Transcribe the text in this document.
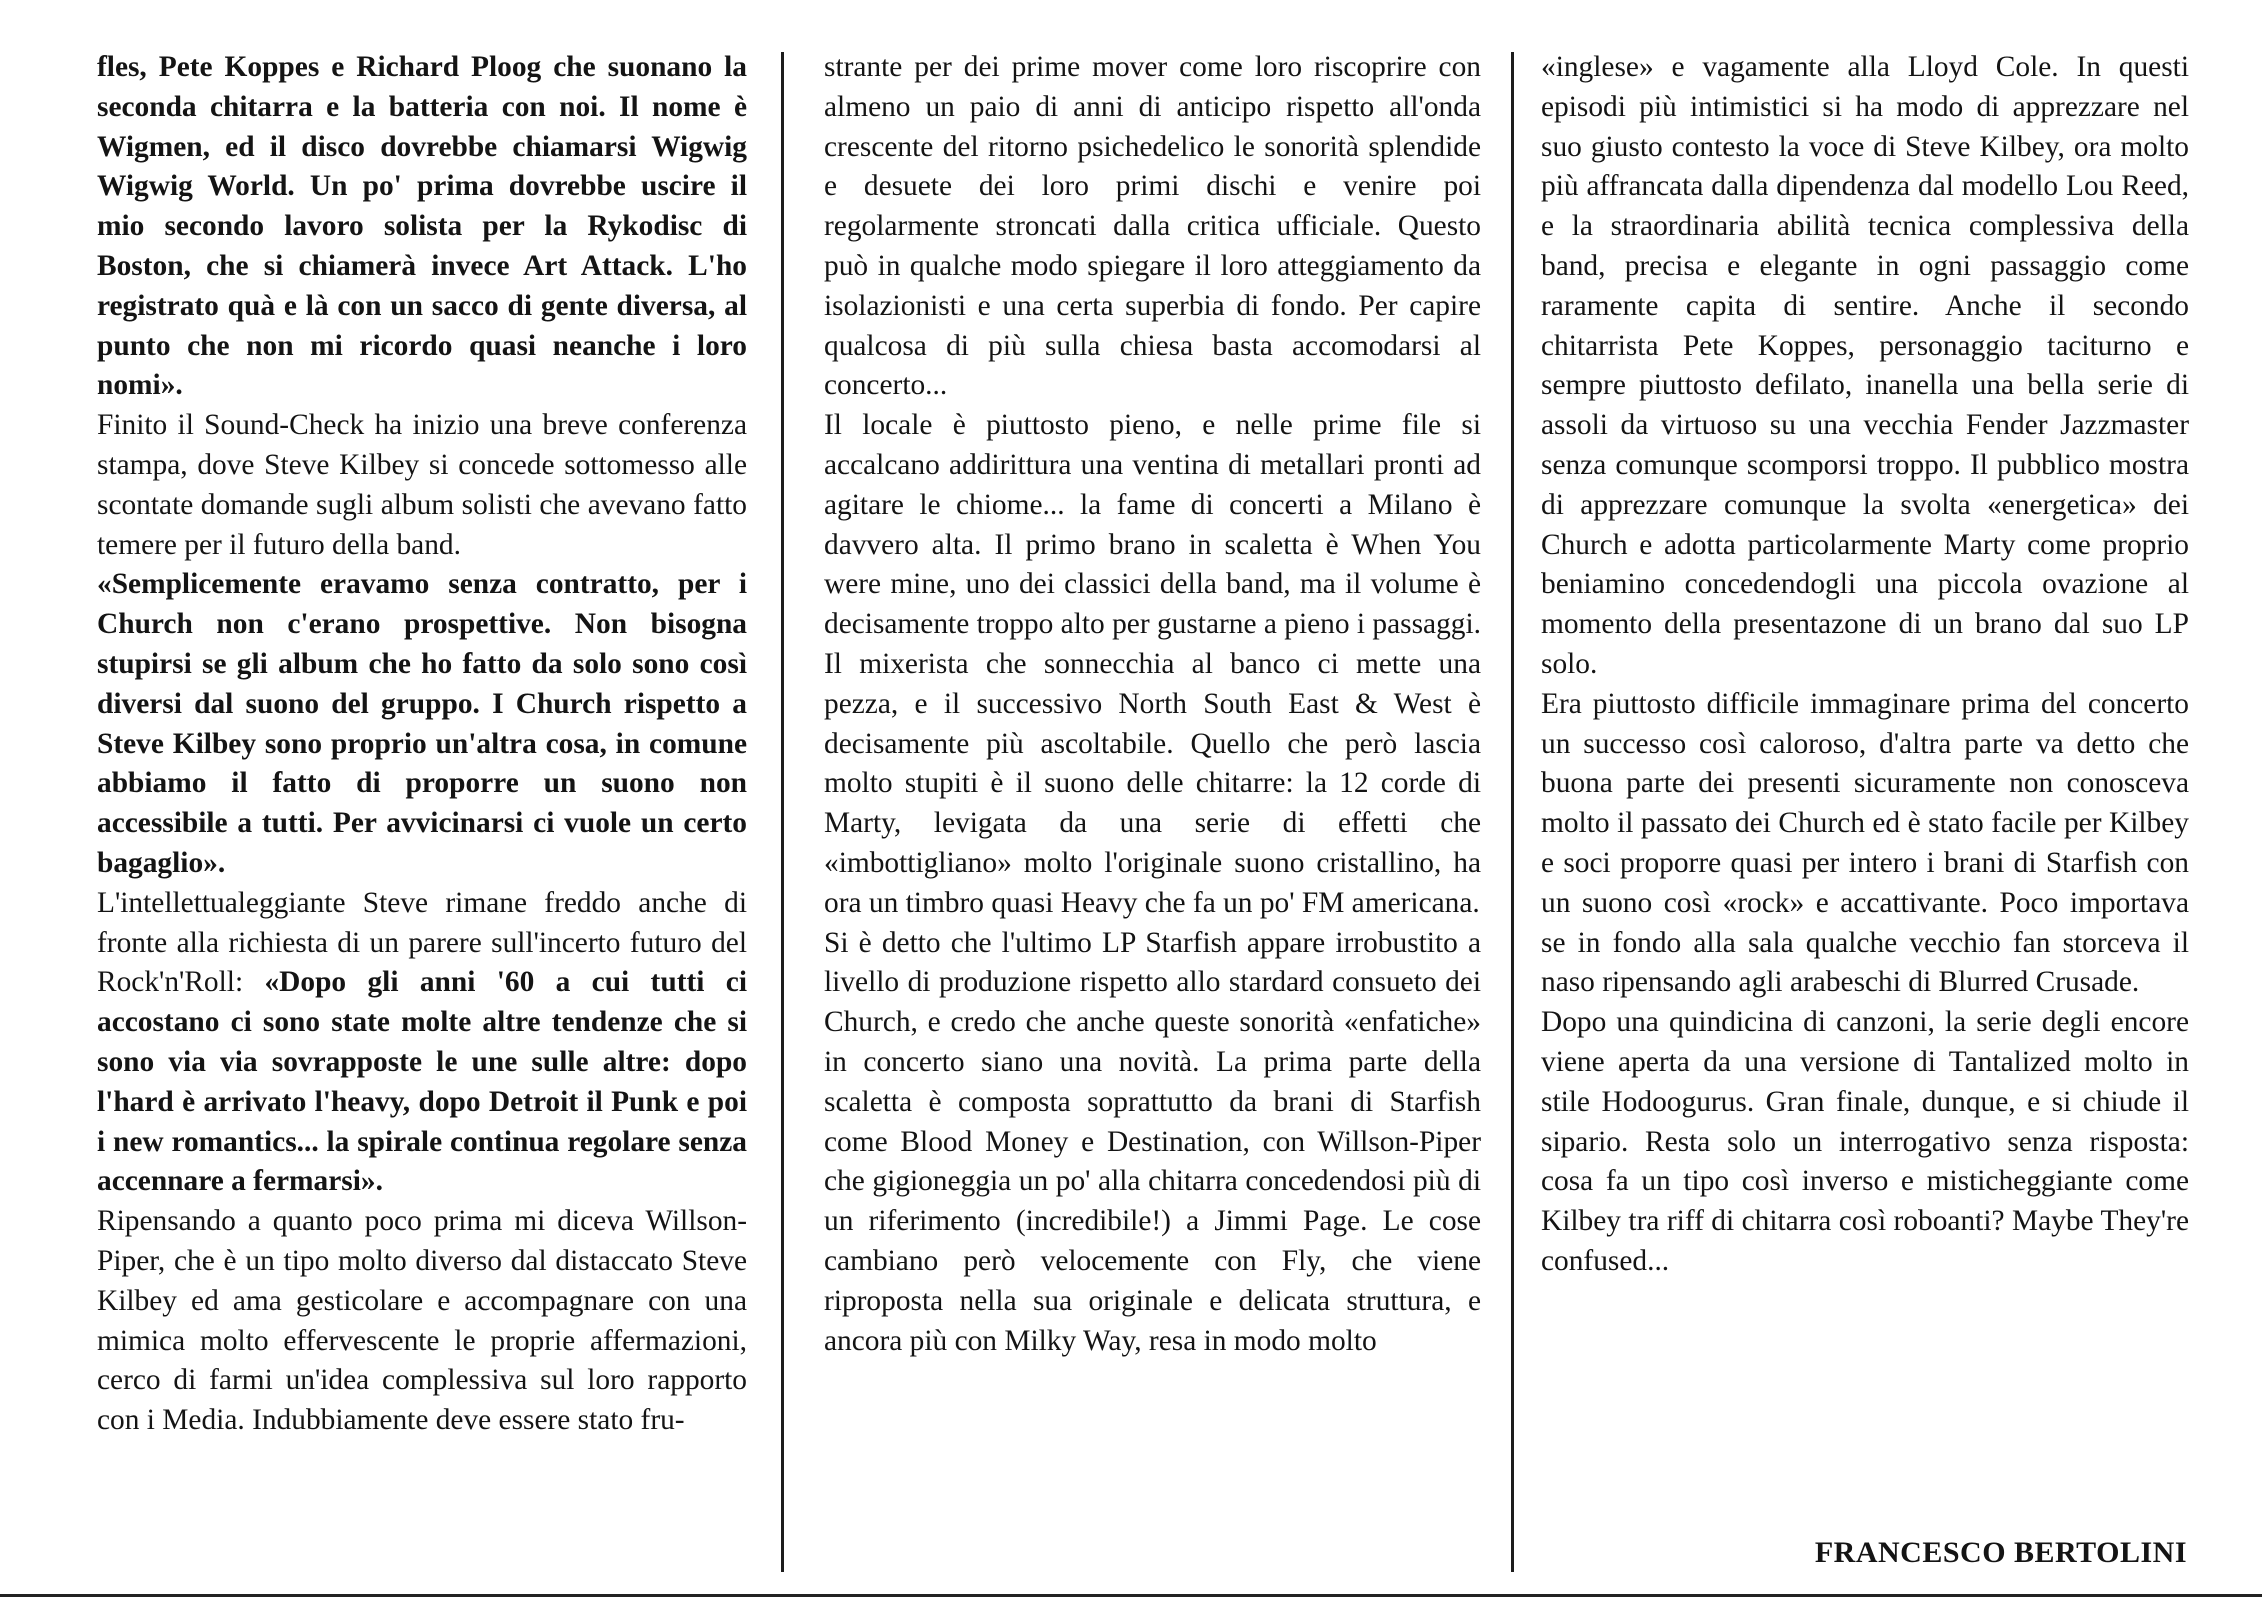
fles, Pete Koppes e Richard Ploog che suonano la seconda chitarra e la batteria con noi. Il nome è Wigmen, ed il disco dovrebbe chiamarsi Wigwig Wigwig World. Un po' prima dovrebbe uscire il mio secondo lavoro solista per la Rykodisc di Boston, che si chiamerà invece Art Attack. L'ho registrato quà e là con un sacco di gente diversa, al punto che non mi ricordo quasi neanche i loro nomi».

Finito il Sound-Check ha inizio una breve conferenza stampa, dove Steve Kilbey si concede sottomesso alle scontate domande sugli album solisti che avevano fatto temere per il futuro della band.

«Semplicemente eravamo senza contratto, per i Church non c'erano prospettive. Non bisogna stupirsi se gli album che ho fatto da solo sono così diversi dal suono del gruppo. I Church rispetto a Steve Kilbey sono proprio un'altra cosa, in comune abbiamo il fatto di proporre un suono non accessibile a tutti. Per avvicinarsi ci vuole un certo bagaglio».

L'intellettualeggiante Steve rimane freddo anche di fronte alla richiesta di un parere sull'incerto futuro del Rock'n'Roll: «Dopo gli anni '60 a cui tutti ci accostano ci sono state molte altre tendenze che si sono via via sovrapposte le une sulle altre: dopo l'hard è arrivato l'heavy, dopo Detroit il Punk e poi i new romantics... la spirale continua regolare senza accennare a fermarsi».

Ripensando a quanto poco prima mi diceva Willson-Piper, che è un tipo molto diverso dal distaccato Steve Kilbey ed ama gesticolare e accompagnare con una mimica molto effervescente le proprie affermazioni, cerco di farmi un'idea complessiva sul loro rapporto con i Media. Indubbiamente deve essere stato fru-

strante per dei prime mover come loro riscoprire con almeno un paio di anni di anticipo rispetto all'onda crescente del ritorno psichedelico le sonorità splendide e desuete dei loro primi dischi e venire poi regolarmente stroncati dalla critica ufficiale. Questo può in qualche modo spiegare il loro atteggiamento da isolazionisti e una certa superbia di fondo. Per capire qualcosa di più sulla chiesa basta accomodarsi al concerto...

Il locale è piuttosto pieno, e nelle prime file si accalcano addirittura una ventina di metallari pronti ad agitare le chiome... la fame di concerti a Milano è davvero alta. Il primo brano in scaletta è When You were mine, uno dei classici della band, ma il volume è decisamente troppo alto per gustarne a pieno i passaggi. Il mixerista che sonnecchia al banco ci mette una pezza, e il successivo North South East & West è decisamente più ascoltabile. Quello che però lascia molto stupiti è il suono delle chitarre: la 12 corde di Marty, levigata da una serie di effetti che «imbottigliano» molto l'originale suono cristallino, ha ora un timbro quasi Heavy che fa un po' FM americana.

Si è detto che l'ultimo LP Starfish appare irrobustito a livello di produzione rispetto allo stardard consueto dei Church, e credo che anche queste sonorità «enfatiche» in concerto siano una novità. La prima parte della scaletta è composta soprattutto da brani di Starfish come Blood Money e Destination, con Willson-Piper che gigioneggia un po' alla chitarra concedendosi più di un riferimento (incredibile!) a Jimmi Page. Le cose cambiano però velocemente con Fly, che viene riproposta nella sua originale e delicata struttura, e ancora più con Milky Way, resa in modo molto

«inglese» e vagamente alla Lloyd Cole. In questi episodi più intimistici si ha modo di apprezzare nel suo giusto contesto la voce di Steve Kilbey, ora molto più affrancata dalla dipendenza dal modello Lou Reed, e la straordinaria abilità tecnica complessiva della band, precisa e elegante in ogni passaggio come raramente capita di sentire. Anche il secondo chitarrista Pete Koppes, personaggio taciturno e sempre piuttosto defilato, inanella una bella serie di assoli da virtuoso su una vecchia Fender Jazzmaster senza comunque scomporsi troppo. Il pubblico mostra di apprezzare comunque la svolta «energetica» dei Church e adotta particolarmente Marty come proprio beniamino concedendogli una piccola ovazione al momento della presentazone di un brano dal suo LP solo.

Era piuttosto difficile immaginare prima del concerto un successo così caloroso, d'altra parte va detto che buona parte dei presenti sicuramente non conosceva molto il passato dei Church ed è stato facile per Kilbey e soci proporre quasi per intero i brani di Starfish con un suono così «rock» e accattivante. Poco importava se in fondo alla sala qualche vecchio fan storceva il naso ripensando agli arabeschi di Blurred Crusade.

Dopo una quindicina di canzoni, la serie degli encore viene aperta da una versione di Tantalized molto in stile Hodoogurus. Gran finale, dunque, e si chiude il sipario. Resta solo un interrogativo senza risposta: cosa fa un tipo così inverso e misticheggiante come Kilbey tra riff di chitarra così roboanti? Maybe They're confused...

FRANCESCO BERTOLINI
